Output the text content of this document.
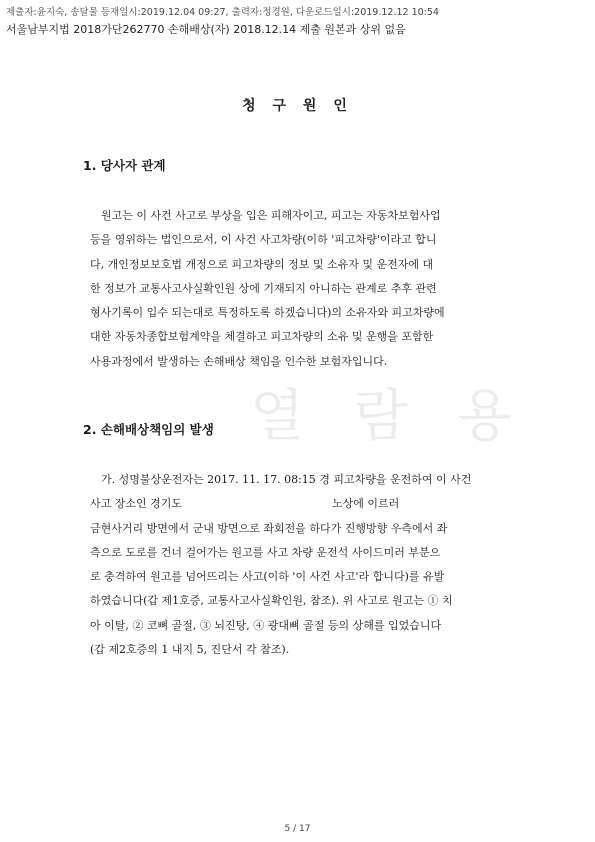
열 람 용
제출자:윤지숙, 송달물 등재일시:2019.12.04 09:27, 출력자:정경원, 다운로드일시:2019.12.12 10:54
서울남부지법 2018가단262770 손해배상(자) 2018.12.14 제출 원본과 상위 없음
청 구 원 인
1. 당사자 관계
원고는 이 사건 사고로 부상을 입은 피해자이고, 피고는 자동차보험사업
등을 영위하는 법인으로서, 이 사건 사고차량(이하 '피고차량'이라고 합니
다, 개인정보보호법 개정으로 피고차량의 정보 및 소유자 및 운전자에 대
한 정보가 교통사고사실확인원 상에 기재되지 아니하는 관계로 추후 관련
형사기록이 입수 되는대로 특정하도록 하겠습니다)의 소유자와 피고차량에
대한 자동차종합보험계약을 체결하고 피고차량의 소유 및 운행을 포함한
사용과정에서 발생하는 손해배상 책임을 인수한 보험자입니다.
2. 손해배상책임의 발생
가. 성명불상운전자는 2017. 11. 17. 08:15 경 피고차량을 운전하여 이 사건
사고 장소인 경기도	노상에 이르러
금현사거리 방면에서 군내 방면으로 좌회전을 하다가 진행방향 우측에서 좌
측으로 도로를 건너 걸어가는 원고를 사고 차량 운전석 사이드미러 부분으
로 충격하여 원고를 넘어뜨리는 사고(이하 '이 사건 사고'라 합니다)를 유발
하였습니다(갑 제1호증, 교통사고사실확인원, 참조). 위 사고로 원고는 ① 치
아 이탈, ② 코뼈 골절, ③ 뇌진탕, ④ 광대뼈 골절 등의 상해를 입었습니다
(갑 제2호증의 1 내지 5, 진단서 각 참조).
5 / 17
